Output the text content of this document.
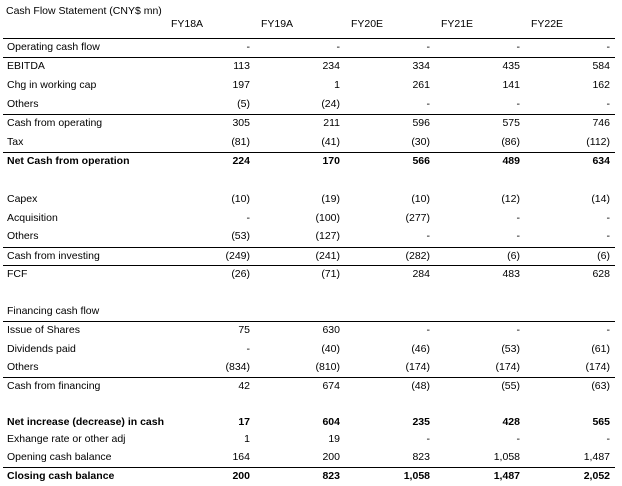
Cash Flow Statement (CNY$ mn)
FY18A	FY19A	FY20E	FY21E	FY22E
Operating cash flow	-	-	-	-	-
EBITDA	113	234	334	435	584
Chg in working cap	197	1	261	141	162
Others	(5)	(24)	-	-	-
Cash from operating	305	211	596	575	746
Tax	(81)	(41)	(30)	(86)	(112)
Net Cash from operation	224	170	566	489	634
Capex	(10)	(19)	(10)	(12)	(14)
Acquisition	-	(100)	(277)	-	-
Others	(53)	(127)	-	-	-
Cash from investing	(249)	(241)	(282)	(6)	(6)
FCF	(26)	(71)	284	483	628
Financing cash flow
Issue of Shares	75	630	-	-	-
Dividends paid	-	(40)	(46)	(53)	(61)
Others	(834)	(810)	(174)	(174)	(174)
Cash from financing	42	674	(48)	(55)	(63)
Net increase (decrease) in cash	17	604	235	428	565
Exhange rate or other adj	1	19	-	-	-
Opening cash balance	164	200	823	1,058	1,487
Closing cash balance	200	823	1,058	1,487	2,052
